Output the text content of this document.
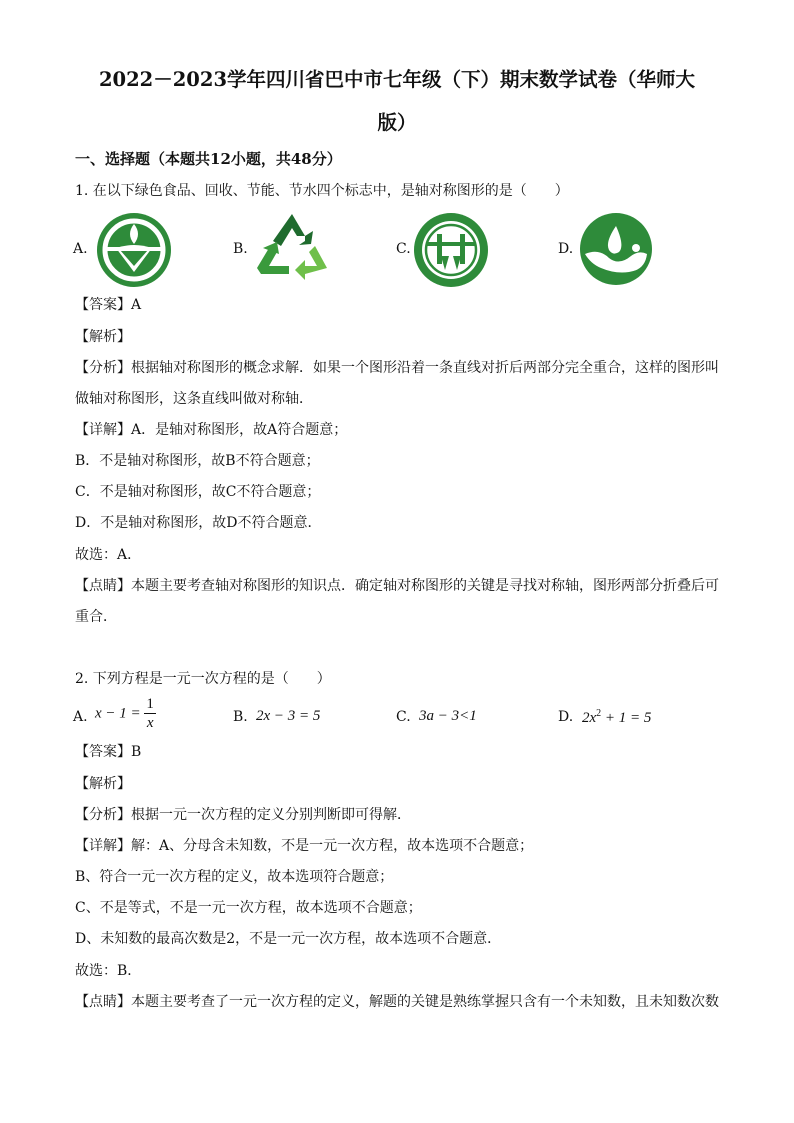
2022－2023学年四川省巴中市七年级（下）期末数学试卷（华师大
版）
一、选择题（本题共12小题，共48分）
1. 在以下绿色食品、回收、节能、节水四个标志中，是轴对称图形的是（　　）
A.	B.	C.	D.
【答案】A
【解析】
【分析】根据轴对称图形的概念求解．如果一个图形沿着一条直线对折后两部分完全重合，这样的图形叫
做轴对称图形，这条直线叫做对称轴．
【详解】A．是轴对称图形，故A符合题意；
B．不是轴对称图形，故B不符合题意；
C．不是轴对称图形，故C不符合题意；
D．不是轴对称图形，故D不符合题意．
故选：A．
【点睛】本题主要考查轴对称图形的知识点．确定轴对称图形的关键是寻找对称轴，图形两部分折叠后可
重合．
2. 下列方程是一元一次方程的是（　　）
A. $x - 1 = \frac{1}{x}$	B. 2x − 3 = 5	C. 3a − 3<1	D. $2x^2 + 1 = 5$
【答案】B
【解析】
【分析】根据一元一次方程的定义分别判断即可得解．
【详解】解：A、分母含未知数，不是一元一次方程，故本选项不合题意；
B、符合一元一次方程的定义，故本选项符合题意；
C、不是等式，不是一元一次方程，故本选项不合题意；
D、未知数的最高次数是2，不是一元一次方程，故本选项不合题意．
故选：B．
【点睛】本题主要考查了一元一次方程的定义，解题的关键是熟练掌握只含有一个未知数，且未知数次数
